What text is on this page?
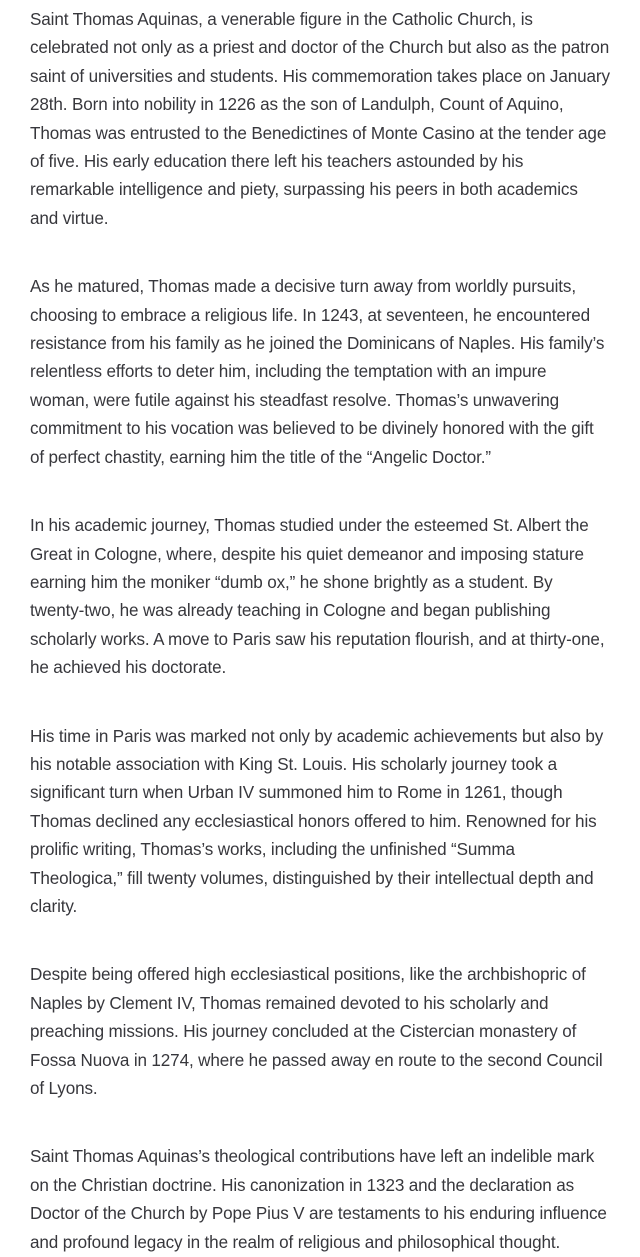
Saint Thomas Aquinas, a venerable figure in the Catholic Church, is celebrated not only as a priest and doctor of the Church but also as the patron saint of universities and students. His commemoration takes place on January 28th. Born into nobility in 1226 as the son of Landulph, Count of Aquino, Thomas was entrusted to the Benedictines of Monte Casino at the tender age of five. His early education there left his teachers astounded by his remarkable intelligence and piety, surpassing his peers in both academics and virtue.

As he matured, Thomas made a decisive turn away from worldly pursuits, choosing to embrace a religious life. In 1243, at seventeen, he encountered resistance from his family as he joined the Dominicans of Naples. His family’s relentless efforts to deter him, including the temptation with an impure woman, were futile against his steadfast resolve. Thomas’s unwavering commitment to his vocation was believed to be divinely honored with the gift of perfect chastity, earning him the title of the “Angelic Doctor.”

In his academic journey, Thomas studied under the esteemed St. Albert the Great in Cologne, where, despite his quiet demeanor and imposing stature earning him the moniker “dumb ox,” he shone brightly as a student. By twenty-two, he was already teaching in Cologne and began publishing scholarly works. A move to Paris saw his reputation flourish, and at thirty-one, he achieved his doctorate.

His time in Paris was marked not only by academic achievements but also by his notable association with King St. Louis. His scholarly journey took a significant turn when Urban IV summoned him to Rome in 1261, though Thomas declined any ecclesiastical honors offered to him. Renowned for his prolific writing, Thomas’s works, including the unfinished “Summa Theologica,” fill twenty volumes, distinguished by their intellectual depth and clarity.

Despite being offered high ecclesiastical positions, like the archbishopric of Naples by Clement IV, Thomas remained devoted to his scholarly and preaching missions. His journey concluded at the Cistercian monastery of Fossa Nuova in 1274, where he passed away en route to the second Council of Lyons.

Saint Thomas Aquinas’s theological contributions have left an indelible mark on the Christian doctrine. His canonization in 1323 and the declaration as Doctor of the Church by Pope Pius V are testaments to his enduring influence and profound legacy in the realm of religious and philosophical thought.
